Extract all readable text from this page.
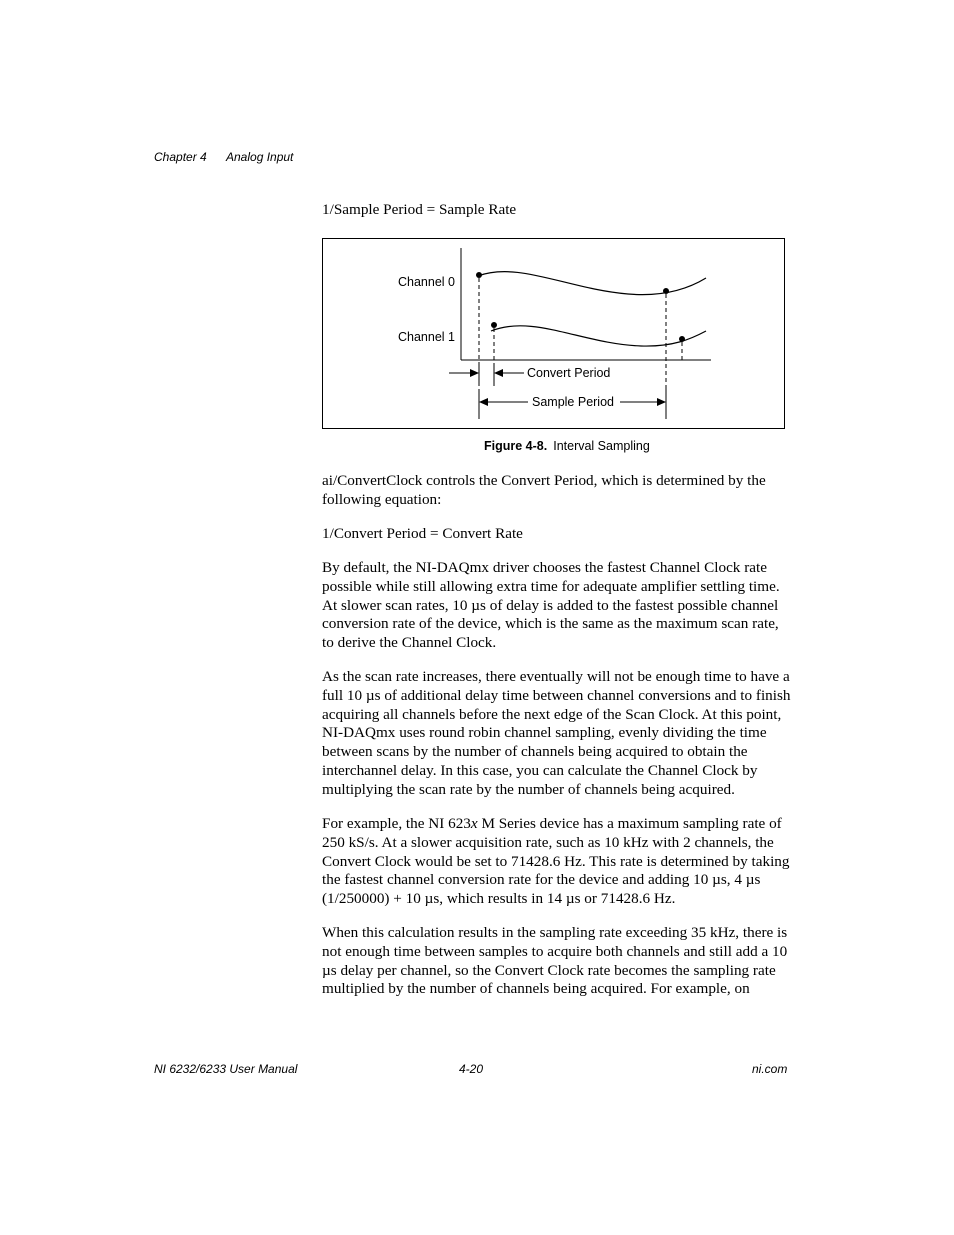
Chapter 4 Analog Input

1/Sample Period = Sample Rate

Channel 0
Channel 1
Convert Period
Sample Period
Figure 4-8. Interval Sampling

ai/ConvertClock controls the Convert Period, which is determined by the following equation:

1/Convert Period = Convert Rate

By default, the NI-DAQmx driver chooses the fastest Channel Clock rate possible while still allowing extra time for adequate amplifier settling time. At slower scan rates, 10 µs of delay is added to the fastest possible channel conversion rate of the device, which is the same as the maximum scan rate, to derive the Channel Clock.

As the scan rate increases, there eventually will not be enough time to have a full 10 µs of additional delay time between channel conversions and to finish acquiring all channels before the next edge of the Scan Clock. At this point, NI-DAQmx uses round robin channel sampling, evenly dividing the time between scans by the number of channels being acquired to obtain the interchannel delay. In this case, you can calculate the Channel Clock by multiplying the scan rate by the number of channels being acquired.

For example, the NI 623x M Series device has a maximum sampling rate of 250 kS/s. At a slower acquisition rate, such as 10 kHz with 2 channels, the Convert Clock would be set to 71428.6 Hz. This rate is determined by taking the fastest channel conversion rate for the device and adding 10 µs, 4 µs (1/250000) + 10 µs, which results in 14 µs or 71428.6 Hz.

When this calculation results in the sampling rate exceeding 35 kHz, there is not enough time between samples to acquire both channels and still add a 10 µs delay per channel, so the Convert Clock rate becomes the sampling rate multiplied by the number of channels being acquired. For example, on

NI 6232/6233 User Manual	4-20	ni.com
